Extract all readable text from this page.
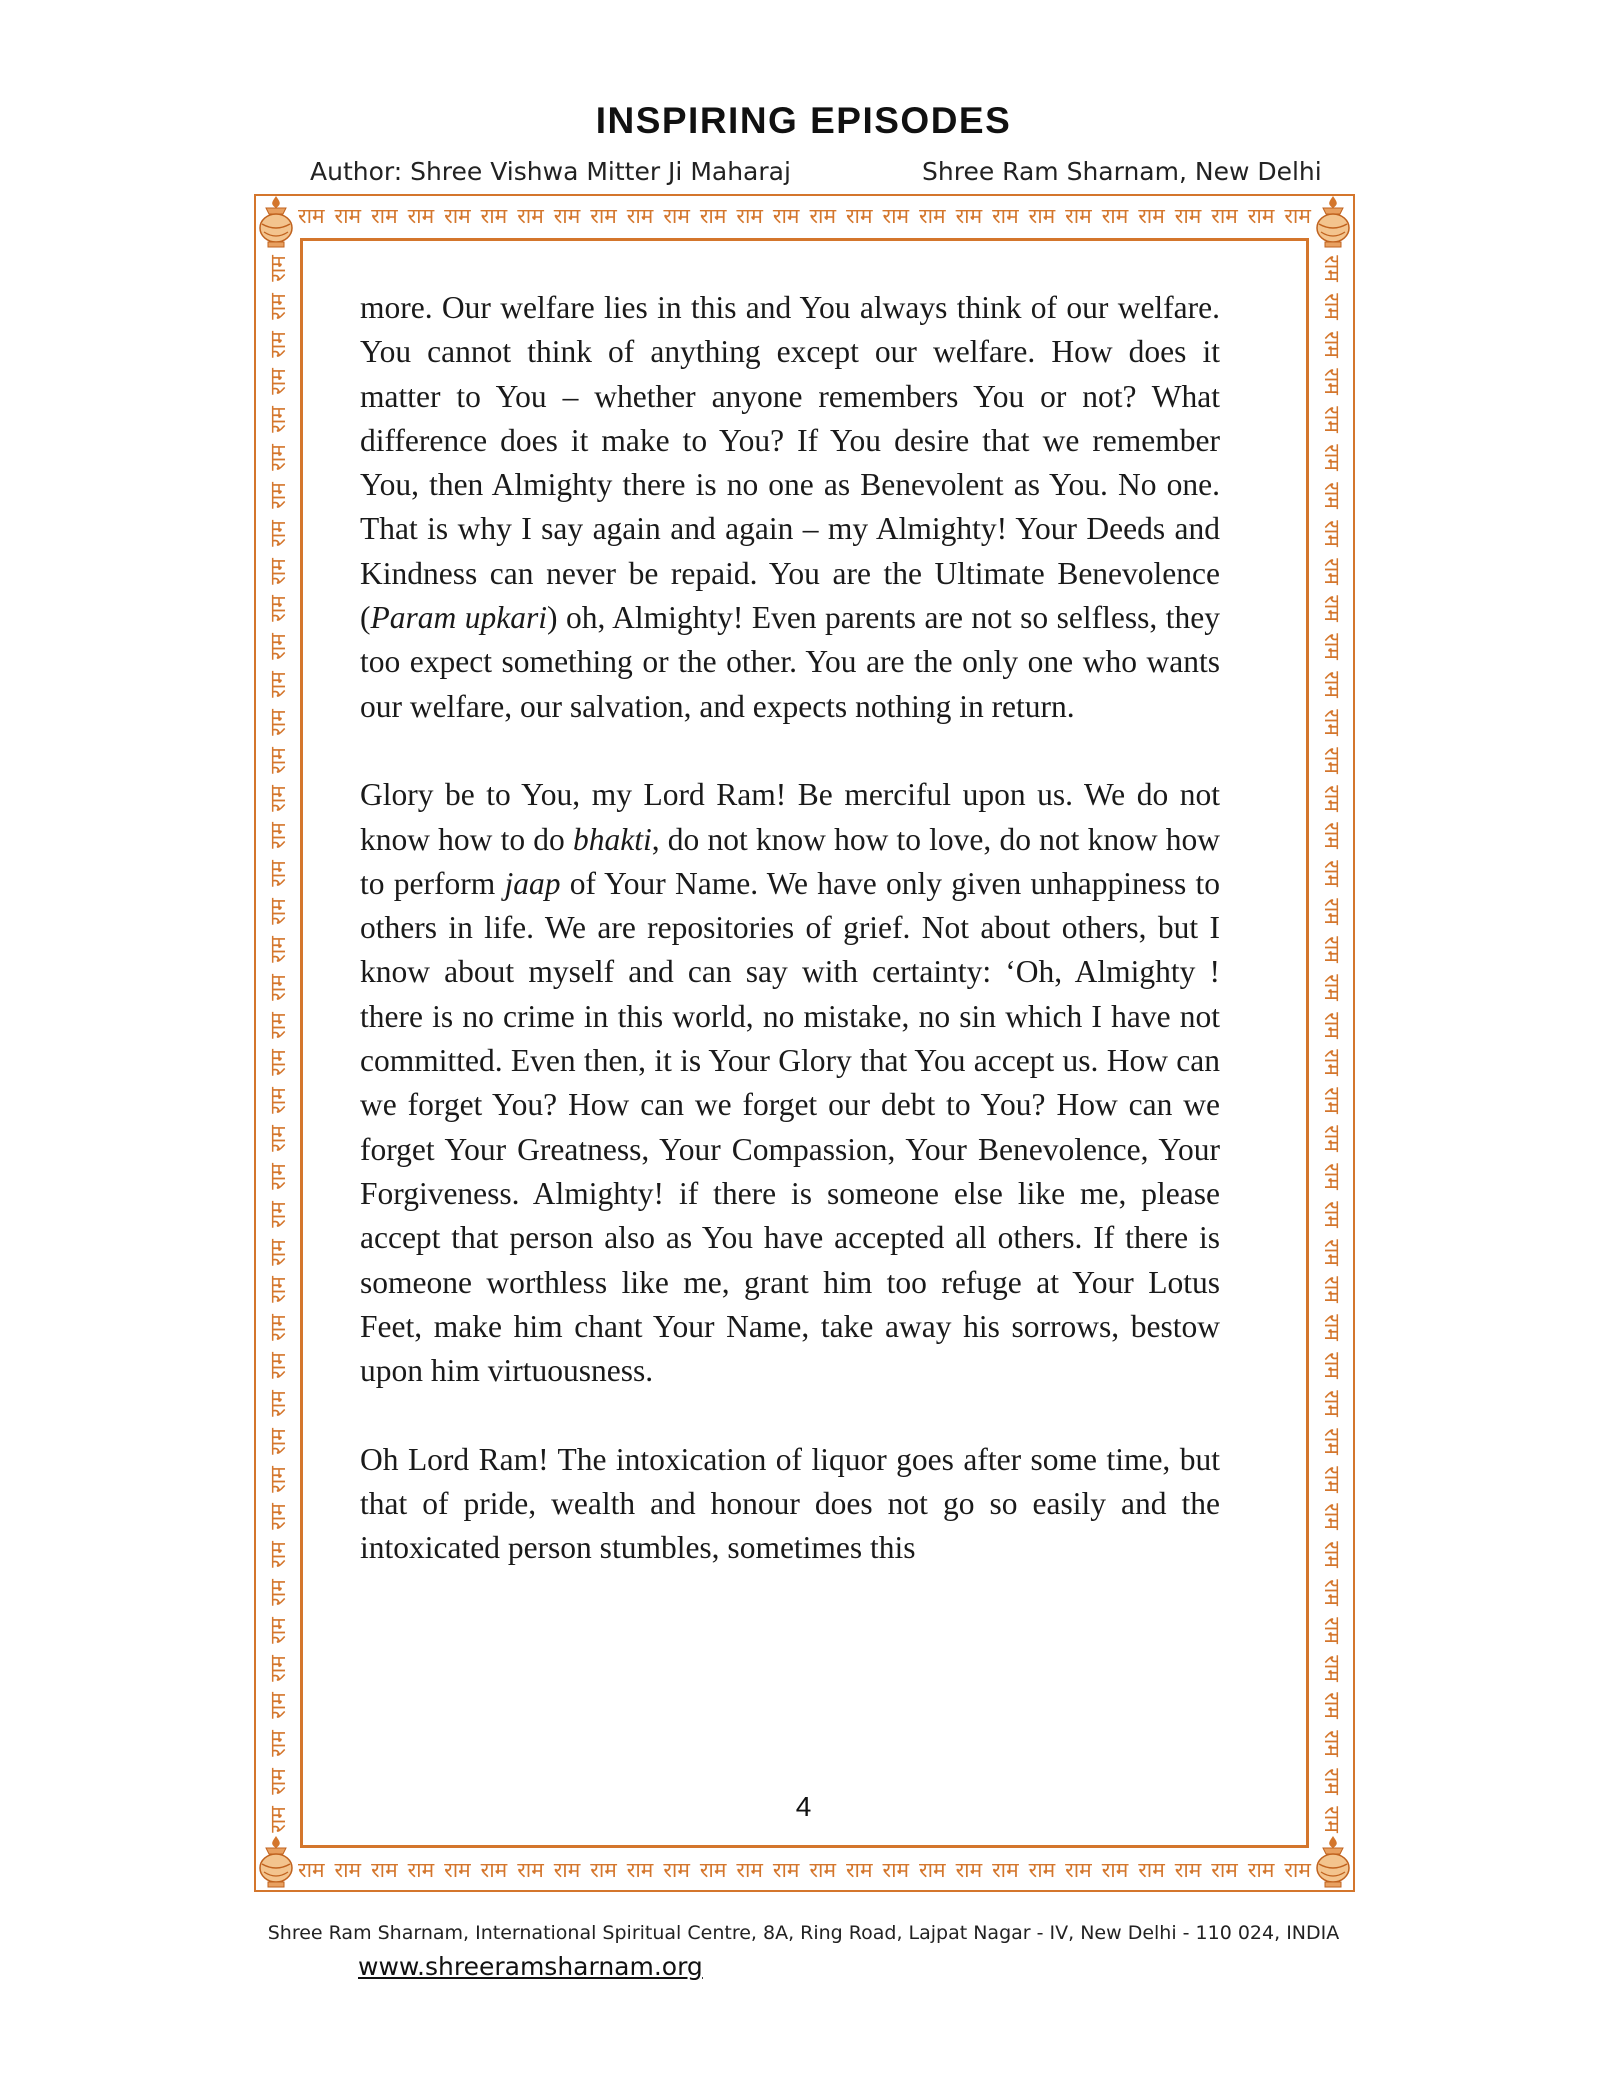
INSPIRING EPISODES
Author: Shree Vishwa Mitter Ji Maharaj	Shree Ram Sharnam, New Delhi
राम राम राम राम राम राम राम राम राम राम राम राम राम राम राम राम राम राम राम राम राम राम राम राम राम राम राम राम
राम राम राम राम राम राम राम राम राम राम राम राम राम राम राम राम राम राम राम राम राम राम राम राम राम राम राम राम
राम
राम
राम
राम
राम
राम
राम
राम
राम
राम
राम
राम
राम
राम
राम
राम
राम
राम
राम
राम
राम
राम
राम
राम
राम
राम
राम
राम
राम
राम
राम
राम
राम
राम
राम
राम
राम
राम
राम
राम
राम
राम
राम
राम
राम
राम
राम
राम
राम
राम
राम
राम
राम
राम
राम
राम
राम
राम
राम
राम
राम
राम
राम
राम
राम
राम
राम
राम
राम
राम
राम
राम
राम
राम
राम
राम
राम
राम
राम
राम
राम
राम
राम
राम

more. Our welfare lies in this and You always think of our welfare. You cannot think of anything except our welfare. How does it matter to You – whether anyone remembers You or not? What difference does it make to You? If You desire that we remember You, then Almighty there is no one as Benevolent as You. No one. That is why I say again and again – my Almighty! Your Deeds and Kindness can never be repaid. You are the Ultimate Benevolence (Param upkari) oh, Almighty! Even parents are not so selfless, they too expect something or the other. You are the only one who wants our welfare, our salvation, and expects nothing in return.

Glory be to You, my Lord Ram! Be merciful upon us. We do not know how to do bhakti, do not know how to love, do not know how to perform jaap of Your Name. We have only given unhappiness to others in life. We are repositories of grief. Not about others, but I know about myself and can say with certainty: ‘Oh, Almighty ! there is no crime in this world, no mistake, no sin which I have not committed. Even then, it is Your Glory that You accept us. How can we forget You? How can we forget our debt to You? How can we forget Your Greatness, Your Compassion, Your Benevolence, Your Forgiveness. Almighty! if there is someone else like me, please accept that person also as You have accepted all others. If there is someone worthless like me, grant him too refuge at Your Lotus Feet, make him chant Your Name, take away his sorrows, bestow upon him virtuousness.

Oh Lord Ram! The intoxication of liquor goes after some time, but that of pride, wealth and honour does not go so easily and the intoxicated person stumbles, sometimes this

4
Shree Ram Sharnam, International Spiritual Centre, 8A, Ring Road, Lajpat Nagar - IV, New Delhi - 110 024, INDIA
www.shreeramsharnam.org
